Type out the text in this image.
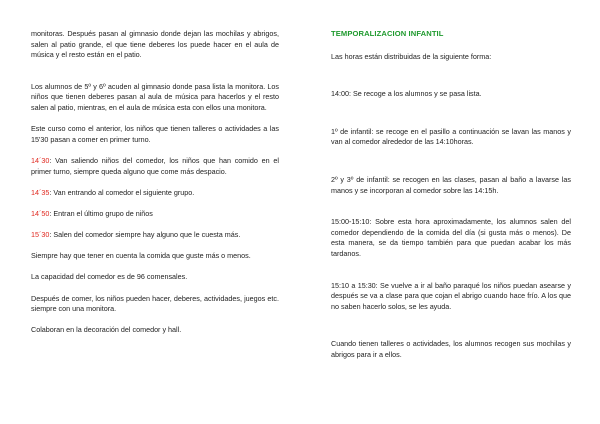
monitoras. Después pasan al gimnasio donde dejan las mochilas y abrigos, salen al patio grande, el que tiene deberes los puede hacer en el aula de música y el resto están en el patio.

Los alumnos de 5º y 6º acuden al gimnasio donde pasa lista la monitora. Los niños que tienen deberes pasan al aula de música para hacerlos y el resto salen al patio, mientras, en el aula de música esta con ellos una monitora.

Este curso como el anterior, los niños que tienen talleres o actividades a las 15'30 pasan a comer en primer turno.

14´30: Van saliendo niños del comedor, los niños que han comido en el primer turno, siempre queda alguno que come más despacio.

14´35: Van entrando al comedor el siguiente grupo.

14´50: Entran el último grupo de niños

15´30: Salen del comedor siempre hay alguno que le cuesta más.

Siempre hay que tener en cuenta la comida que guste más o menos.

La capacidad del comedor es de 96 comensales.

Después de comer, los niños pueden hacer, deberes, actividades, juegos etc. siempre con una monitora.

Colaboran en la decoración del comedor y hall.

TEMPORALIZACION INFANTIL

Las horas están distribuidas de la siguiente forma:

14:00: Se recoge a los alumnos y se pasa lista.

1º de infantil: se recoge en el pasillo a continuación se lavan las manos y van al comedor alrededor de las 14:10horas.

2º y 3º de infantil: se recogen en las clases, pasan al baño a lavarse las manos y se incorporan al comedor sobre las 14:15h.

15:00-15:10: Sobre esta hora aproximadamente, los alumnos salen del comedor dependiendo de la comida del día (si gusta más o menos). De esta manera, se da tiempo también para que puedan acabar los más tardanos.

15:10 a 15:30: Se vuelve a ir al baño paraqué los niños puedan asearse y después se va a clase para que cojan el abrigo cuando hace frío. A los que no saben hacerlo solos, se les ayuda.

Cuando tienen talleres o actividades, los alumnos recogen sus mochilas y abrigos para ir a ellos.
